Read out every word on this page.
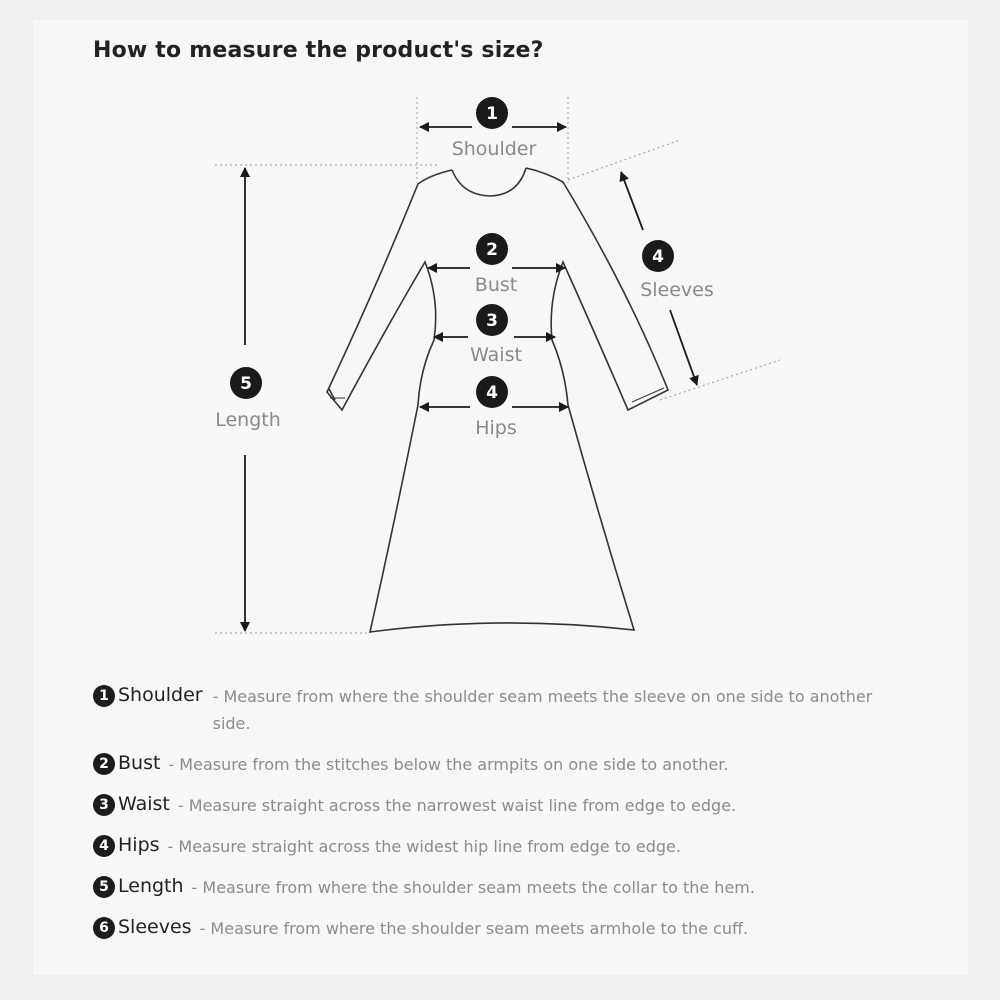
How to measure the product's size?
1
Shoulder
2
Bust
3
Waist
4
Hips
5
Length
4
Sleeves
1 Shoulder - Measure from where the shoulder seam meets the sleeve on one side to another side.
2 Bust - Measure from the stitches below the armpits on one side to another.
3 Waist - Measure straight across the narrowest waist line from edge to edge.
4 Hips - Measure straight across the widest hip line from edge to edge.
5 Length - Measure from where the shoulder seam meets the collar to the hem.
6 Sleeves - Measure from where the shoulder seam meets armhole to the cuff.
